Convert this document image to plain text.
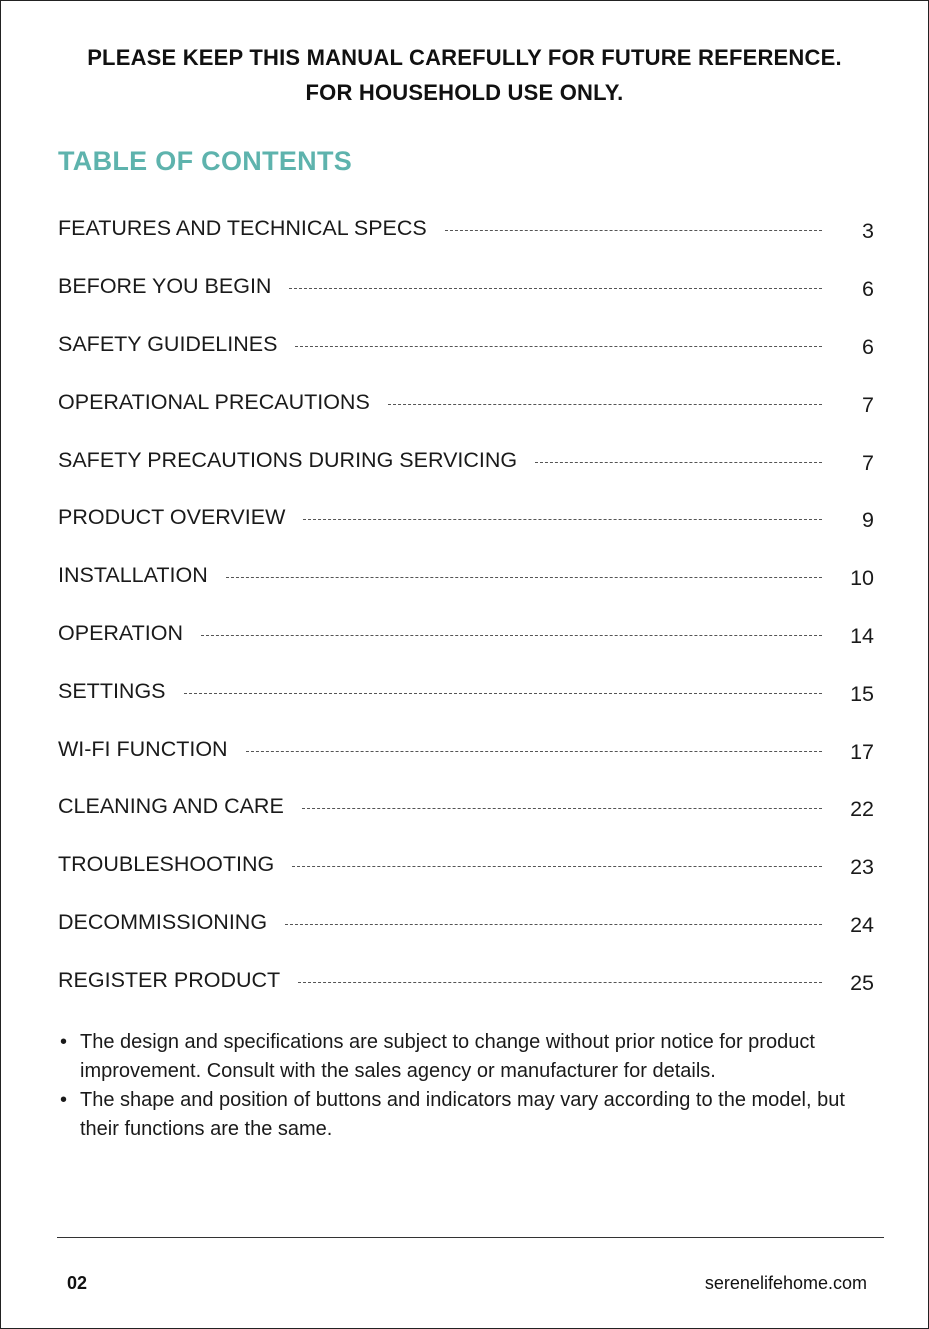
PLEASE KEEP THIS MANUAL CAREFULLY FOR FUTURE REFERENCE.
FOR HOUSEHOLD USE ONLY.
TABLE OF CONTENTS
FEATURES AND TECHNICAL SPECS	3
BEFORE YOU BEGIN	6
SAFETY GUIDELINES	6
OPERATIONAL PRECAUTIONS	7
SAFETY PRECAUTIONS DURING SERVICING	7
PRODUCT OVERVIEW	9
INSTALLATION	10
OPERATION	14
SETTINGS	15
WI-FI FUNCTION	17
CLEANING AND CARE	22
TROUBLESHOOTING	23
DECOMMISSIONING	24
REGISTER PRODUCT	25
• The design and specifications are subject to change without prior notice for product improvement. Consult with the sales agency or manufacturer for details.
• The shape and position of buttons and indicators may vary according to the model, but their functions are the same.
02	serenelifehome.com
